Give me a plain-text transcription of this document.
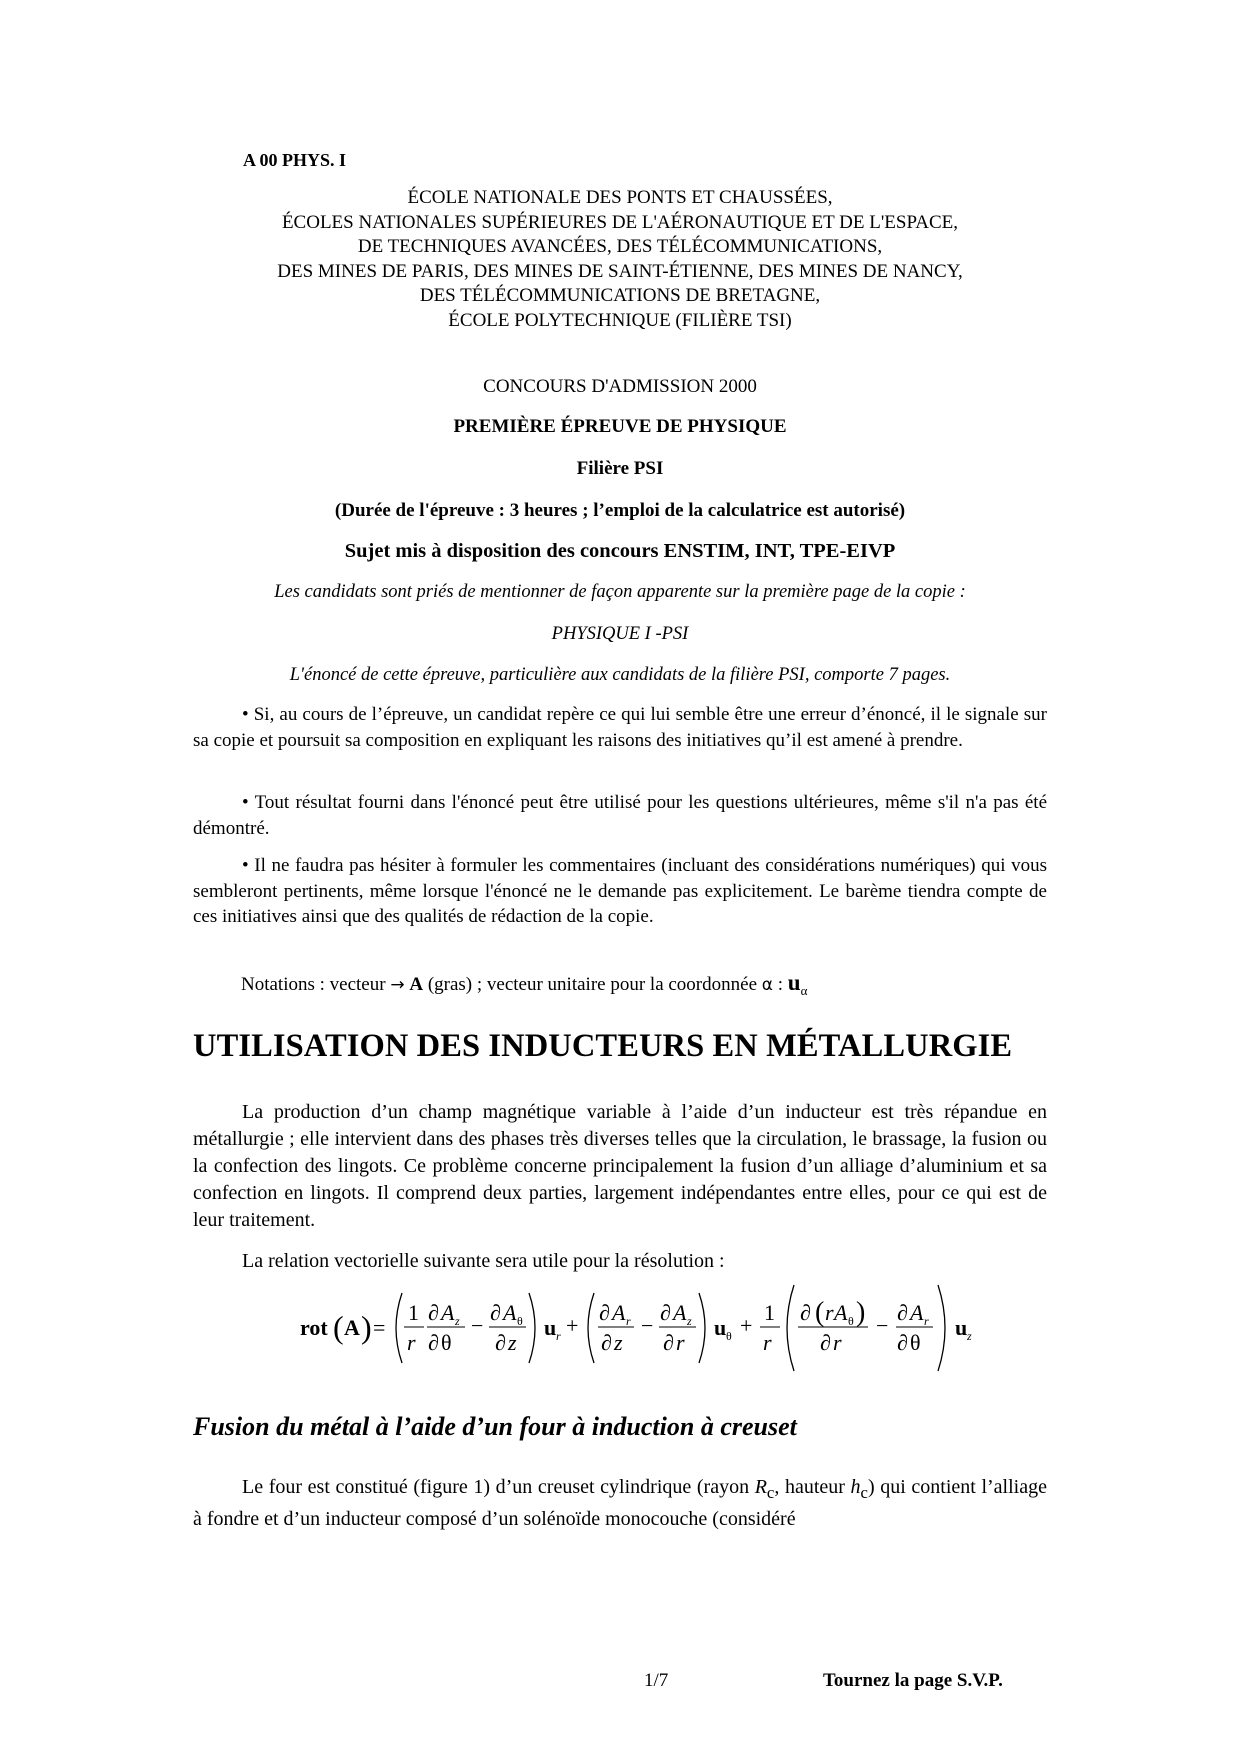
A 00 PHYS. I
ÉCOLE NATIONALE DES PONTS ET CHAUSSÉES,
ÉCOLES NATIONALES SUPÉRIEURES DE L'AÉRONAUTIQUE ET DE L'ESPACE,
DE TECHNIQUES AVANCÉES, DES TÉLÉCOMMUNICATIONS,
DES MINES DE PARIS, DES MINES DE SAINT-ÉTIENNE, DES MINES DE NANCY,
DES TÉLÉCOMMUNICATIONS DE BRETAGNE,
ÉCOLE POLYTECHNIQUE (FILIÈRE TSI)
CONCOURS D'ADMISSION 2000
PREMIÈRE ÉPREUVE DE PHYSIQUE
Filière PSI
(Durée de l'épreuve : 3 heures ; l’emploi de la calculatrice est autorisé)
Sujet mis à disposition des concours ENSTIM, INT, TPE-EIVP
Les candidats sont priés de mentionner de façon apparente sur la première page de la copie :
PHYSIQUE I -PSI
L'énoncé de cette épreuve, particulière aux candidats de la filière PSI, comporte 7 pages.
• Si, au cours de l’épreuve, un candidat repère ce qui lui semble être une erreur d’énoncé, il le signale sur sa copie et poursuit sa composition en expliquant les raisons des initiatives qu’il est amené à prendre.
• Tout résultat fourni dans l'énoncé peut être utilisé pour les questions ultérieures, même s'il n'a pas été démontré.
• Il ne faudra pas hésiter à formuler les commentaires (incluant des considérations numériques) qui vous sembleront pertinents, même lorsque l'énoncé ne le demande pas explicitement. Le barème tiendra compte de ces initiatives ainsi que des qualités de rédaction de la copie.
Notations : vecteur → A (gras) ; vecteur unitaire pour la coordonnée α : $u_\alpha$
UTILISATION DES INDUCTEURS EN MÉTALLURGIE
La production d’un champ magnétique variable à l’aide d’un inducteur est très répandue en métallurgie ; elle intervient dans des phases très diverses telles que la circulation, le brassage, la fusion ou la confection des lingots. Ce problème concerne principalement la fusion d’un alliage d’aluminium et sa confection en lingots. Il comprend deux parties, largement indépendantes entre elles, pour ce qui est de leur traitement.
La relation vectorielle suivante sera utile pour la résolution :
rot ( A ) =
1
r
∂ A z
∂ θ
−
∂ A θ
∂ z
u r +
∂ A r
∂ z
−
∂ A z
∂ r
u θ +
1
r
∂ ( r A θ )
∂ r
−
∂ A r
∂ θ
u z
Fusion du métal à l’aide d’un four à induction à creuset
Le four est constitué (figure 1) d’un creuset cylindrique (rayon $R_c$, hauteur $h_c$) qui contient l’alliage à fondre et d’un inducteur composé d’un solénoïde monocouche (considéré
1/7	Tournez la page S.V.P.
